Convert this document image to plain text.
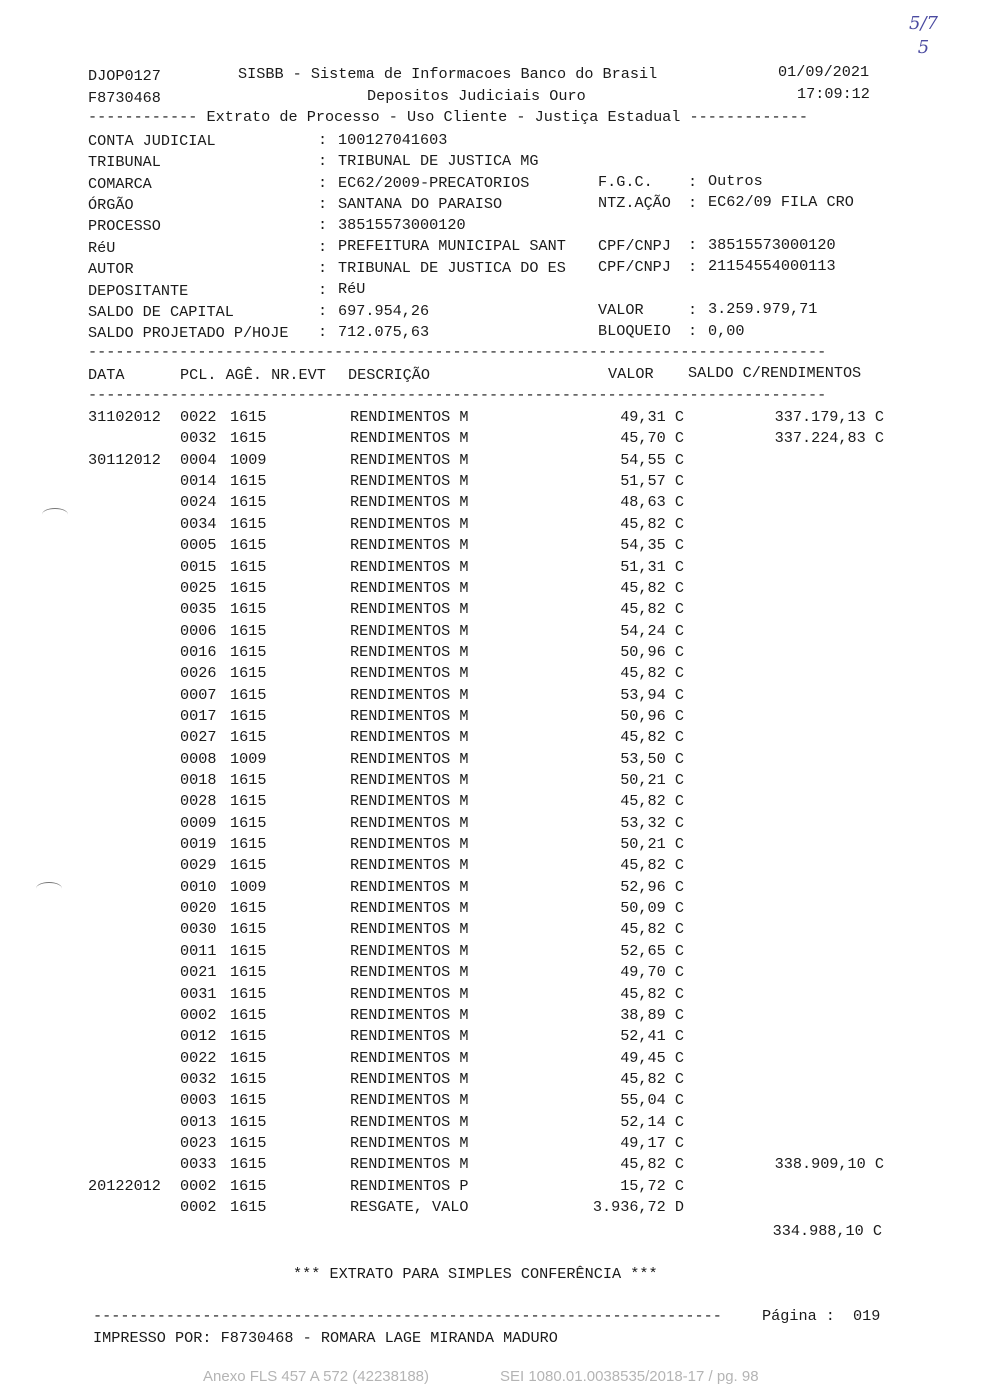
5/7
5
DJOP0127	SISBB - Sistema de Informacoes Banco do Brasil	01/09/2021
F8730468	Depositos Judiciais Ouro	17:09:12
------------ Extrato de Processo - Uso Cliente - Justiça Estadual -------------
CONTA JUDICIAL	: 100127041603
TRIBUNAL	: TRIBUNAL DE JUSTICA MG
COMARCA	: EC62/2009-PRECATORIOS	F.G.C. : Outros
ÓRGÃO	: SANTANA DO PARAISO	NTZ.AÇÃO : EC62/09 FILA CRO
PROCESSO	: 38515573000120
RéU	: PREFEITURA MUNICIPAL SANT CPF/CNPJ : 38515573000120
AUTOR	: TRIBUNAL DE JUSTICA DO ES CPF/CNPJ : 21154554000113
DEPOSITANTE	: RéU
SALDO DE CAPITAL	: 697.954,26	VALOR	: 3.259.979,71
SALDO PROJETADO P/HOJE : 712.075,63	BLOQUEIO : 0,00
---------------------------------------------------------------------------------
DATA	PCL. AGÊ. NR.EVT DESCRIÇÃO	VALOR SALDO C/RENDIMENTOS
---------------------------------------------------------------------------------
31102012 0022 1615	RENDIMENTOS M	49,31 C	337.179,13 C
0032 1615	RENDIMENTOS M	45,70 C	337.224,83 C
30112012 0004 1009	RENDIMENTOS M	54,55 C
0014 1615	RENDIMENTOS M	51,57 C
0024 1615	RENDIMENTOS M	48,63 C
0034 1615	RENDIMENTOS M	45,82 C
0005 1615	RENDIMENTOS M	54,35 C
0015 1615	RENDIMENTOS M	51,31 C
0025 1615	RENDIMENTOS M	45,82 C
0035 1615	RENDIMENTOS M	45,82 C
0006 1615	RENDIMENTOS M	54,24 C
0016 1615	RENDIMENTOS M	50,96 C
0026 1615	RENDIMENTOS M	45,82 C
0007 1615	RENDIMENTOS M	53,94 C
0017 1615	RENDIMENTOS M	50,96 C
0027 1615	RENDIMENTOS M	45,82 C
0008 1009	RENDIMENTOS M	53,50 C
0018 1615	RENDIMENTOS M	50,21 C
0028 1615	RENDIMENTOS M	45,82 C
0009 1615	RENDIMENTOS M	53,32 C
0019 1615	RENDIMENTOS M	50,21 C
0029 1615	RENDIMENTOS M	45,82 C
0010 1009	RENDIMENTOS M	52,96 C
0020 1615	RENDIMENTOS M	50,09 C
0030 1615	RENDIMENTOS M	45,82 C
0011 1615	RENDIMENTOS M	52,65 C
0021 1615	RENDIMENTOS M	49,70 C
0031 1615	RENDIMENTOS M	45,82 C
0002 1615	RENDIMENTOS M	38,89 C
0012 1615	RENDIMENTOS M	52,41 C
0022 1615	RENDIMENTOS M	49,45 C
0032 1615	RENDIMENTOS M	45,82 C
0003 1615	RENDIMENTOS M	55,04 C
0013 1615	RENDIMENTOS M	52,14 C
0023 1615	RENDIMENTOS M	49,17 C
0033 1615	RENDIMENTOS M	45,82 C	338.909,10 C
20122012 0002 1615	RENDIMENTOS P	15,72 C
0002 1615	RESGATE, VALO	3.936,72 D
334.988,10 C
*** EXTRATO PARA SIMPLES CONFERÊNCIA ***
---------------------------------------------------------------------	Página : 019
IMPRESSO POR: F8730468 - ROMARA LAGE MIRANDA MADURO
Anexo FLS 457 A 572 (42238188)	SEI 1080.01.0038535/2018-17 / pg. 98
